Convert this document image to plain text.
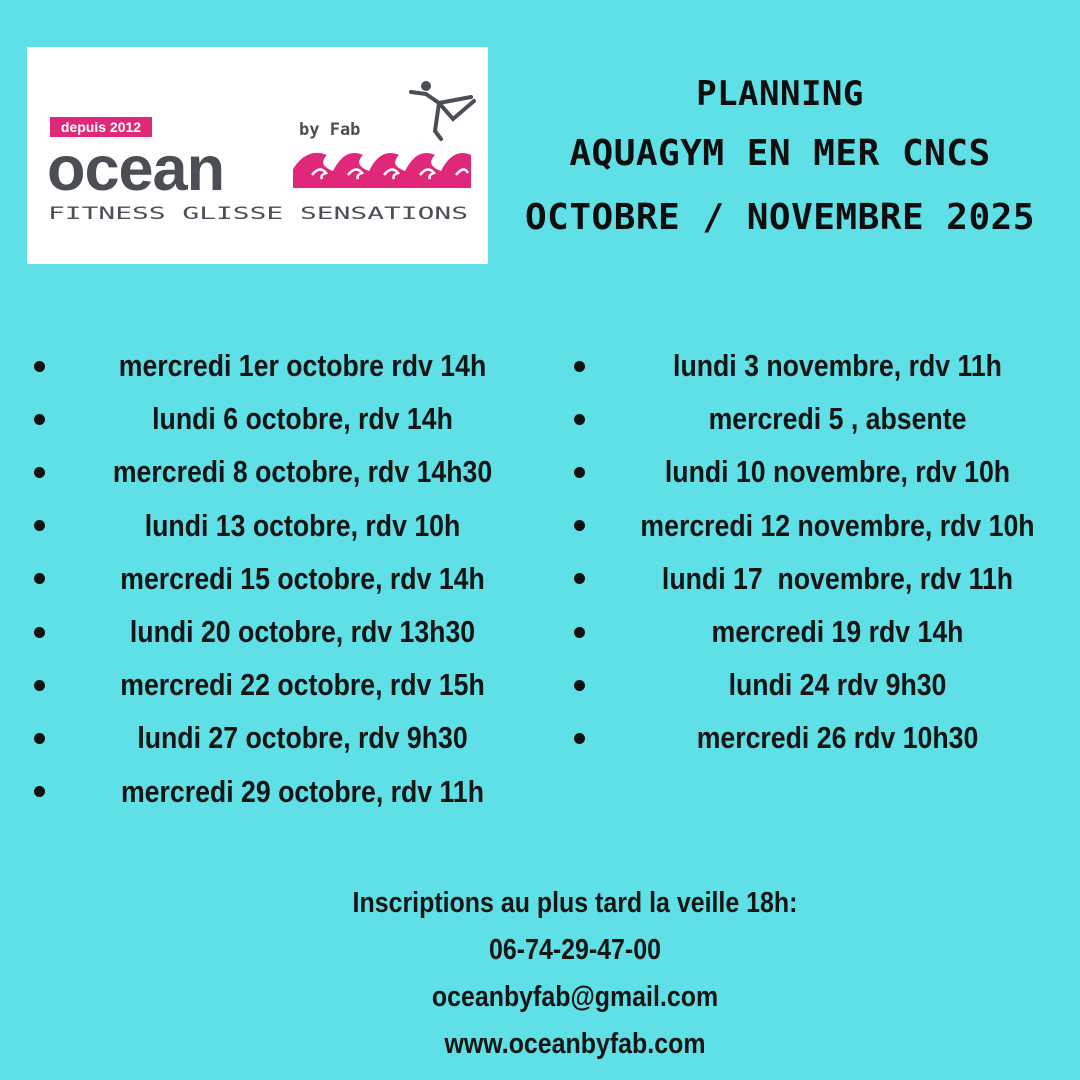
depuis 2012
ocean
by Fab
FITNESS GLISSE SENSATIONS
PLANNING
AQUAGYM EN MER CNCS
OCTOBRE / NOVEMBRE 2025
mercredi 1er octobre rdv 14h
lundi 6 octobre, rdv 14h
mercredi 8 octobre, rdv 14h30
lundi 13 octobre, rdv 10h
mercredi 15 octobre, rdv 14h
lundi 20 octobre, rdv 13h30
mercredi 22 octobre, rdv 15h
lundi 27 octobre, rdv 9h30
mercredi 29 octobre, rdv 11h
lundi 3 novembre, rdv 11h
mercredi 5 , absente
lundi 10 novembre, rdv 10h
mercredi 12 novembre, rdv 10h
lundi 17  novembre, rdv 11h
mercredi 19 rdv 14h
lundi 24 rdv 9h30
mercredi 26 rdv 10h30
Inscriptions au plus tard la veille 18h:
06-74-29-47-00
oceanbyfab@gmail.com
www.oceanbyfab.com
